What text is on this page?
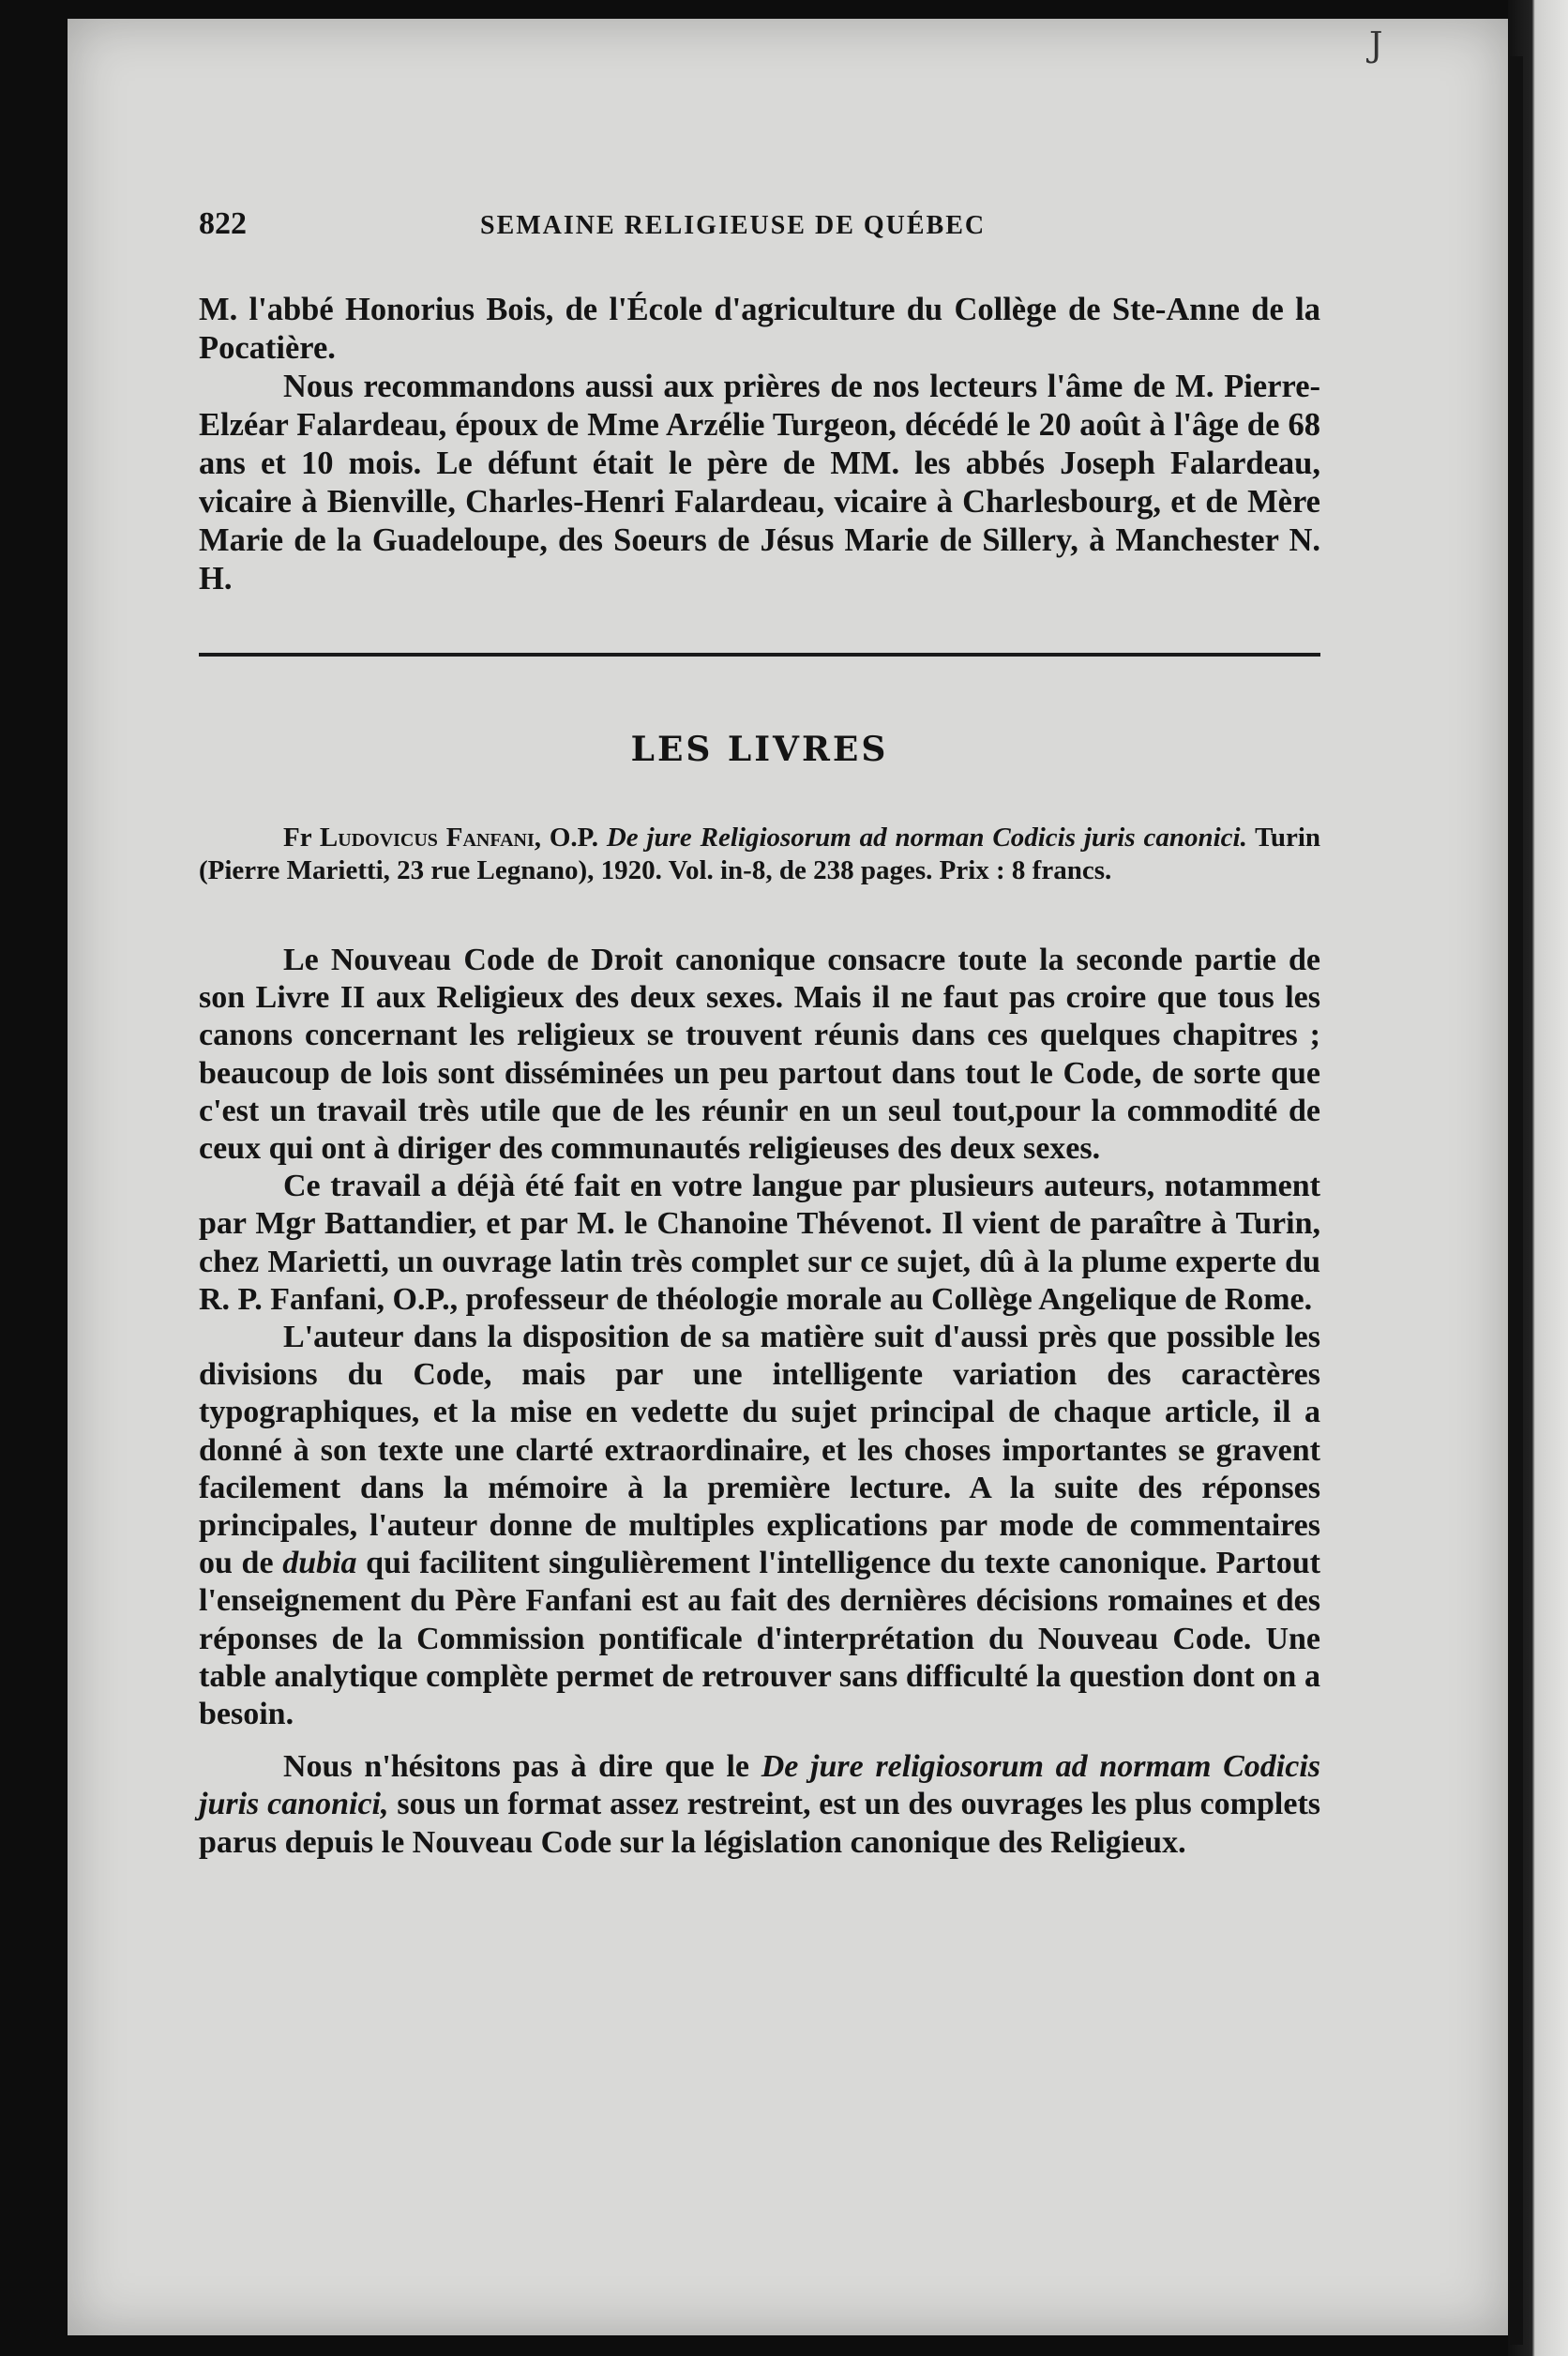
J
822	SEMAINE RELIGIEUSE DE QUÉBEC

M. l'abbé Honorius Bois, de l'École d'agriculture du Collège de Ste-Anne de la Pocatière.

Nous recommandons aussi aux prières de nos lecteurs l'âme de M. Pierre-Elzéar Falardeau, époux de Mme Arzélie Turgeon, décédé le 20 août à l'âge de 68 ans et 10 mois. Le défunt était le père de MM. les abbés Joseph Falardeau, vicaire à Bienville, Charles-Henri Falardeau, vicaire à Charlesbourg, et de Mère Marie de la Guadeloupe, des Soeurs de Jésus Marie de Sillery, à Manchester N. H.

LES LIVRES

Fr Ludovicus Fanfani, O.P. De jure Religiosorum ad norman Codicis juris canonici. Turin (Pierre Marietti, 23 rue Legnano), 1920. Vol. in-8, de 238 pages. Prix : 8 francs.

Le Nouveau Code de Droit canonique consacre toute la seconde partie de son Livre II aux Religieux des deux sexes. Mais il ne faut pas croire que tous les canons concernant les religieux se trouvent réunis dans ces quelques chapitres ; beaucoup de lois sont disséminées un peu partout dans tout le Code, de sorte que c'est un travail très utile que de les réunir en un seul tout,pour la commodité de ceux qui ont à diriger des communautés religieuses des deux sexes.

Ce travail a déjà été fait en votre langue par plusieurs auteurs, notamment par Mgr Battandier, et par M. le Chanoine Thévenot. Il vient de paraître à Turin, chez Marietti, un ouvrage latin très complet sur ce sujet, dû à la plume experte du R. P. Fanfani, O.P., professeur de théologie morale au Collège Angelique de Rome.

L'auteur dans la disposition de sa matière suit d'aussi près que possible les divisions du Code, mais par une intelligente variation des caractères typographiques, et la mise en vedette du sujet principal de chaque article, il a donné à son texte une clarté extraordinaire, et les choses importantes se gravent facilement dans la mémoire à la première lecture. A la suite des réponses principales, l'auteur donne de multiples explications par mode de commentaires ou de dubia qui facilitent singulièrement l'intelligence du texte canonique. Partout l'enseignement du Père Fanfani est au fait des dernières décisions romaines et des réponses de la Commission pontificale d'interprétation du Nouveau Code. Une table analytique complète permet de retrouver sans difficulté la question dont on a besoin.

Nous n'hésitons pas à dire que le De jure religiosorum ad normam Codicis juris canonici, sous un format assez restreint, est un des ouvrages les plus complets parus depuis le Nouveau Code sur la législation canonique des Religieux.
